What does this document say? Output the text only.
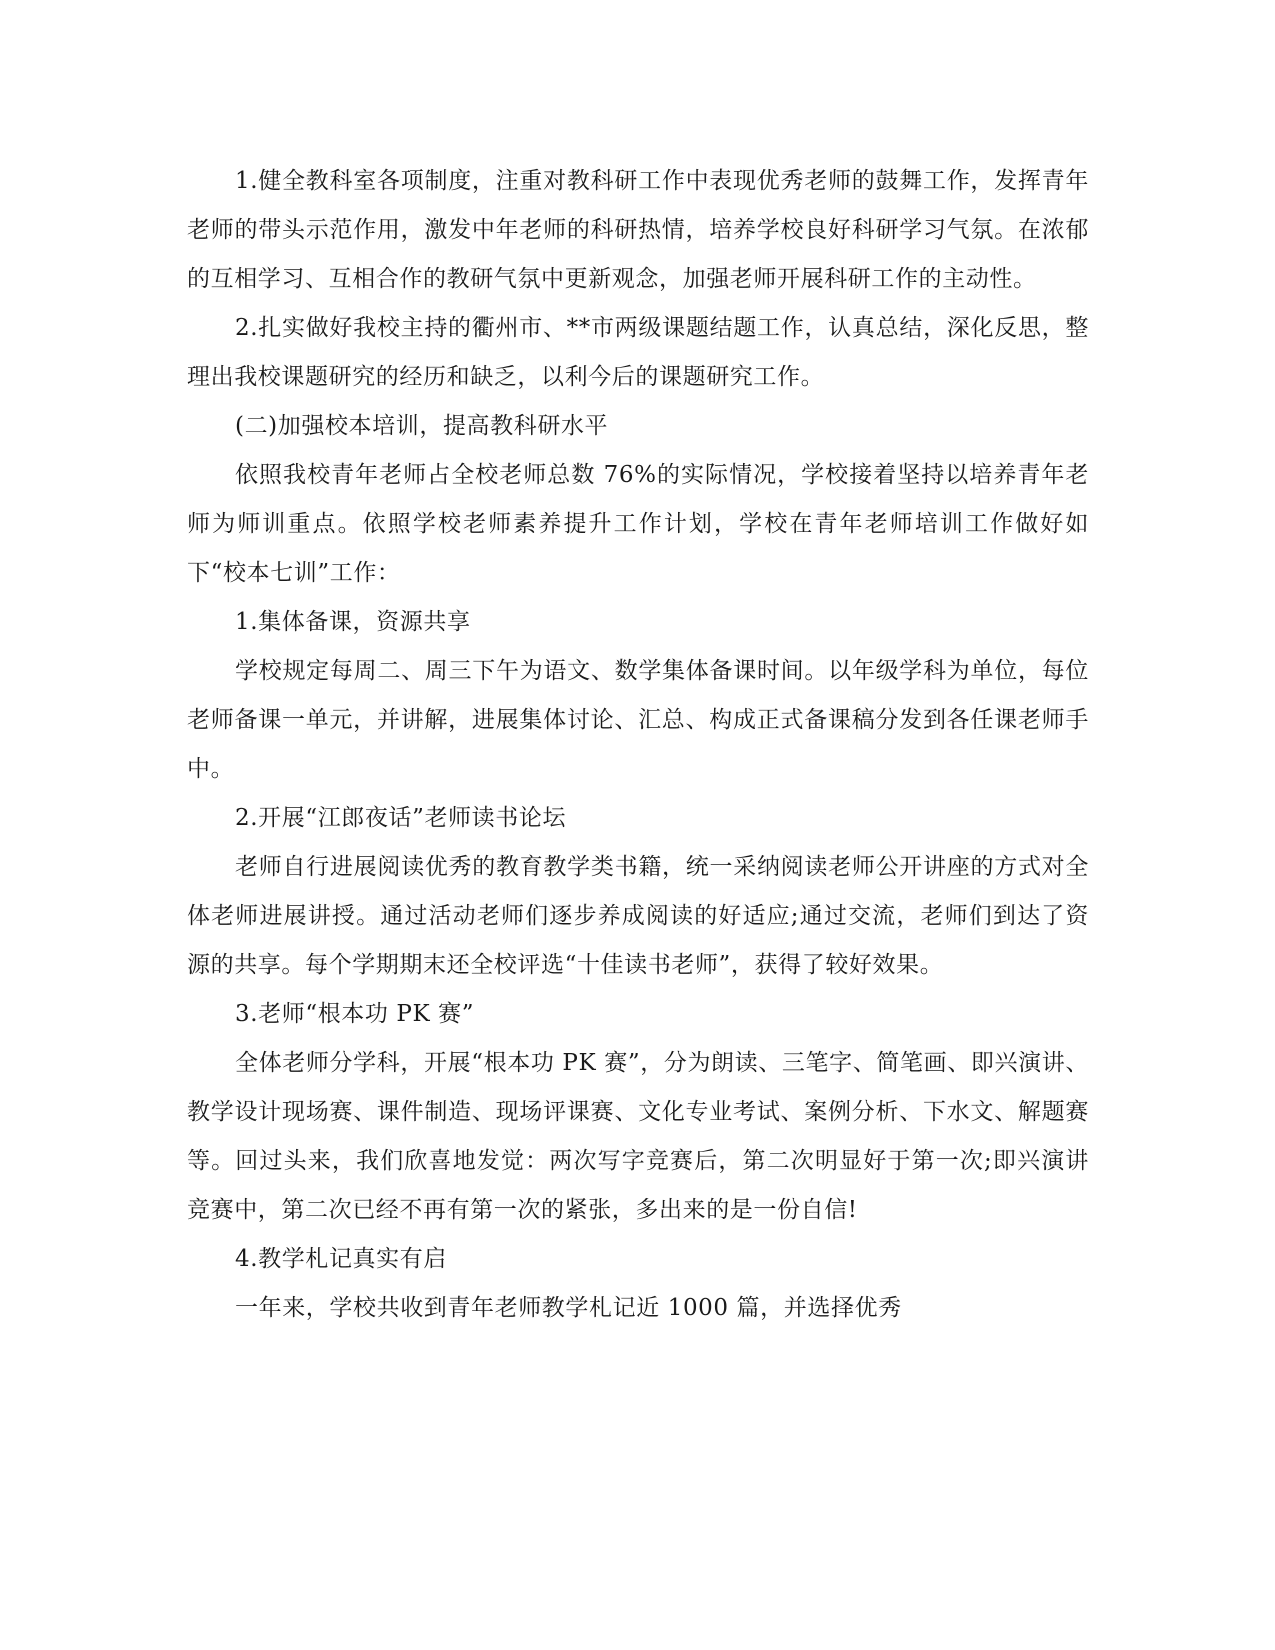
1.健全教科室各项制度，注重对教科研工作中表现优秀老师的鼓舞工作，发挥青年老师的带头示范作用，激发中年老师的科研热情，培养学校良好科研学习气氛。在浓郁的互相学习、互相合作的教研气氛中更新观念，加强老师开展科研工作的主动性。

2.扎实做好我校主持的衢州市、**市两级课题结题工作，认真总结，深化反思，整理出我校课题研究的经历和缺乏，以利今后的课题研究工作。

(二)加强校本培训，提高教科研水平

依照我校青年老师占全校老师总数 76%的实际情况，学校接着坚持以培养青年老师为师训重点。依照学校老师素养提升工作计划，学校在青年老师培训工作做好如下“校本七训”工作：

1.集体备课，资源共享

学校规定每周二、周三下午为语文、数学集体备课时间。以年级学科为单位，每位老师备课一单元，并讲解，进展集体讨论、汇总、构成正式备课稿分发到各任课老师手中。

2.开展“江郎夜话”老师读书论坛

老师自行进展阅读优秀的教育教学类书籍，统一采纳阅读老师公开讲座的方式对全体老师进展讲授。通过活动老师们逐步养成阅读的好适应;通过交流，老师们到达了资源的共享。每个学期期末还全校评选“十佳读书老师”，获得了较好效果。

3.老师“根本功 PK 赛”

全体老师分学科，开展“根本功 PK 赛”，分为朗读、三笔字、简笔画、即兴演讲、教学设计现场赛、课件制造、现场评课赛、文化专业考试、案例分析、下水文、解题赛等。回过头来，我们欣喜地发觉：两次写字竞赛后，第二次明显好于第一次;即兴演讲竞赛中，第二次已经不再有第一次的紧张，多出来的是一份自信!

4.教学札记真实有启

一年来，学校共收到青年老师教学札记近 1000 篇，并选择优秀
